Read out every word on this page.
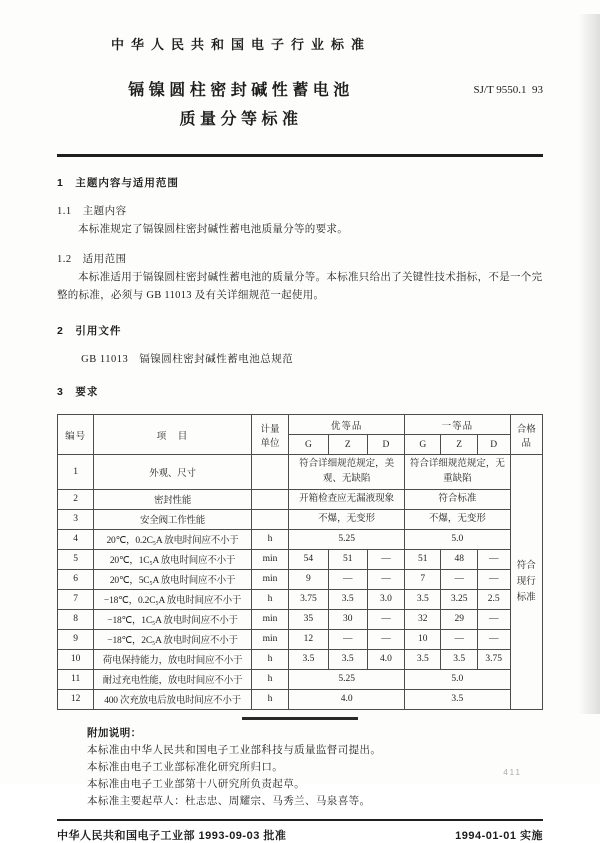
中华人民共和国电子行业标准
镉镍圆柱密封碱性蓄电池
质量分等标准
SJ/T 9550.1  93
1　主题内容与适用范围
1.1　主题内容

本标准规定了镉镍圆柱密封碱性蓄电池质量分等的要求。

1.2　适用范围

本标准适用于镉镍圆柱密封碱性蓄电池的质量分等。本标准只给出了关键性技术指标，不是一个完整的标准，必须与 GB 11013 及有关详细规范一起使用。

2　引用文件
GB 11013　镉镍圆柱密封碱性蓄电池总规范
3　要求
编号	项　目	计量
单位	优等品			一等品			合格品
			G	Z	D	G	Z	D	
1	外观、尺寸		符合详细规范规定，美观、无缺陷			符合详细规范规定，无重缺陷			符合现行标准
2	密封性能		开箱检查应无漏液现象			符合标准			
3	安全阀工作性能		不爆，无变形			不爆，无变形			
4	20℃，0.2C₅A 放电时间应不小于	h	5.25			5.0			
5	20℃，1C₅A 放电时间应不小于	min	54	51	—	51	48	—	
6	20℃，5C₅A 放电时间应不小于	min	9	—	—	7	—	—	
7	−18℃，0.2C₅A 放电时间应不小于	h	3.75	3.5	3.0	3.5	3.25	2.5	
8	−18℃，1C₅A 放电时间应不小于	min	35	30	—	32	29	—	
9	−18℃，2C₅A 放电时间应不小于	min	12	—	—	10	—	—	
10	荷电保持能力，放电时间应不小于	h	3.5	3.5	4.0	3.5	3.5	3.75	
11	耐过充电性能，放电时间应不小于	h	5.25			5.0			
12	400 次充放电后放电时间应不小于	h	4.0			3.5			
附加说明：
本标准由中华人民共和国电子工业部科技与质量监督司提出。
本标准由电子工业部标准化研究所归口。
本标准由电子工业部第十八研究所负责起草。
本标准主要起草人：杜志忠、周耀宗、马秀兰、马泉喜等。
中华人民共和国电子工业部 1993-09-03 批准	1994-01-01 实施
411
